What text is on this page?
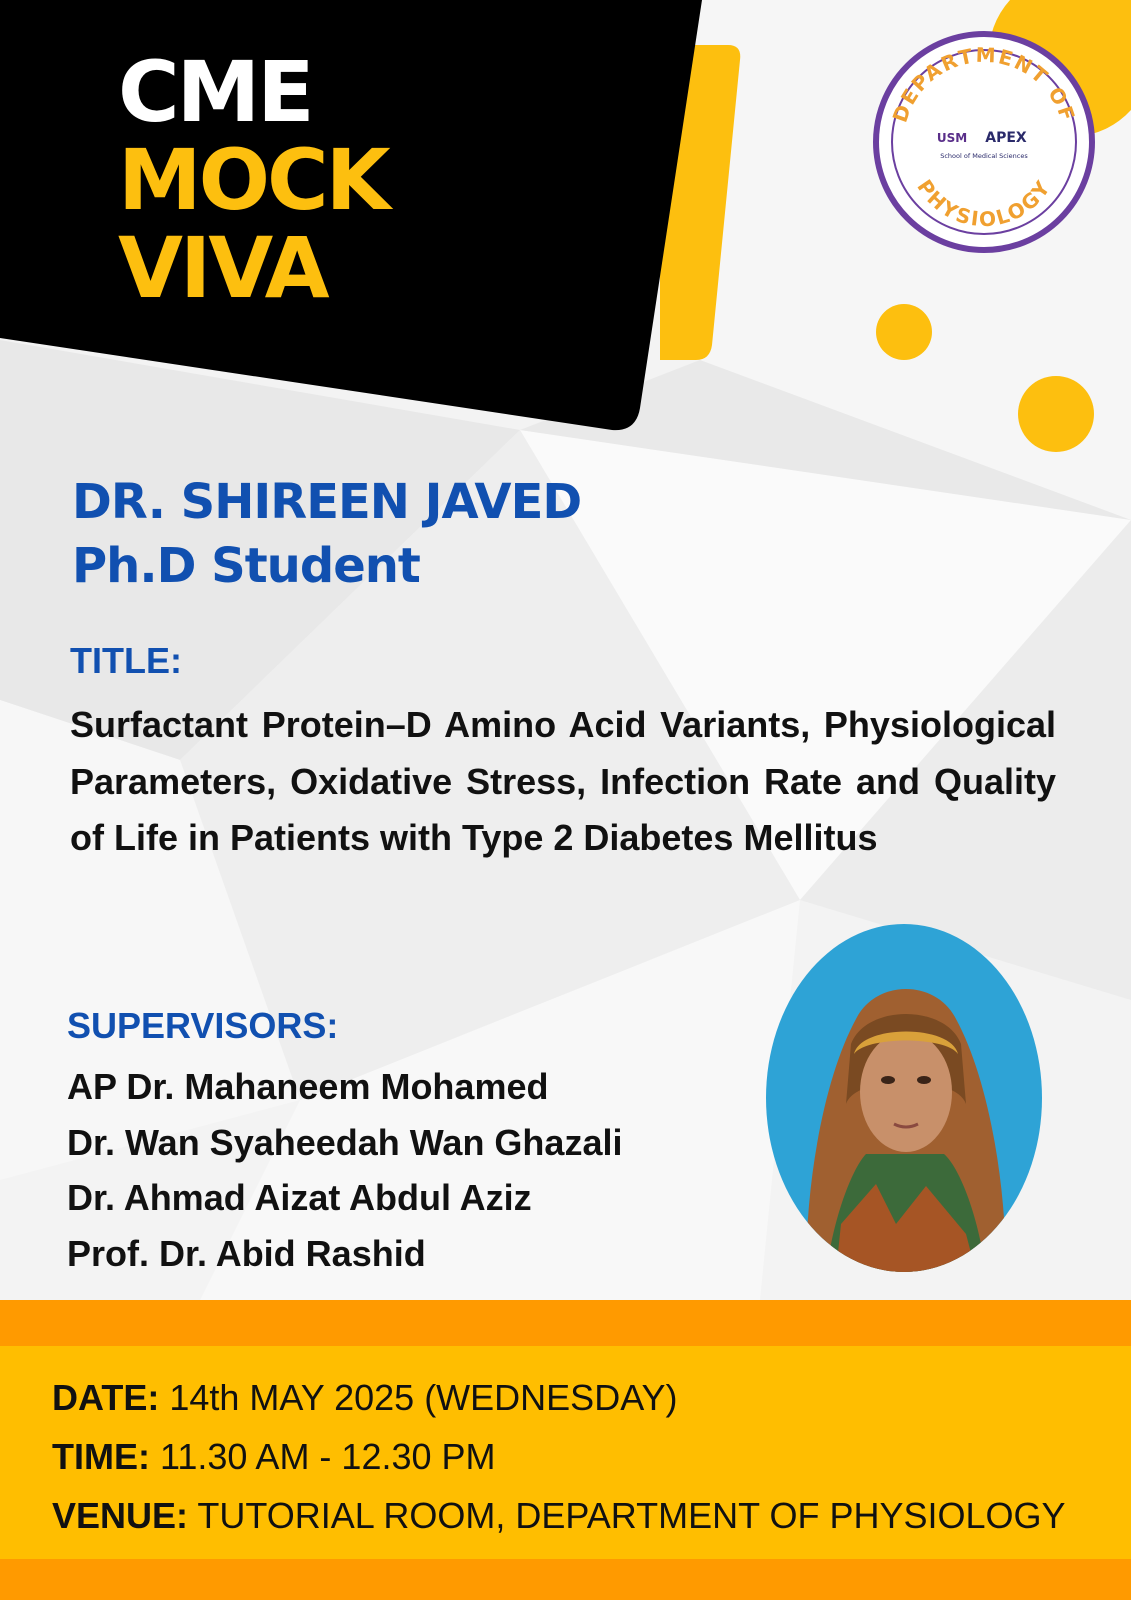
CME
MOCK
VIVA
DEPARTMENT OF
PHYSIOLOGY
USM APEX
School of Medical Sciences
DR. SHIREEN JAVED
Ph.D Student
TITLE:
Surfactant Protein–D Amino Acid Variants, Physiological Parameters, Oxidative Stress, Infection Rate and Quality of Life in Patients with Type 2 Diabetes Mellitus
SUPERVISORS:
AP Dr. Mahaneem Mohamed
Dr. Wan Syaheedah Wan Ghazali
Dr. Ahmad Aizat Abdul Aziz
Prof. Dr. Abid Rashid
DATE: 14th MAY 2025 (WEDNESDAY)
TIME: 11.30 AM - 12.30 PM
VENUE: TUTORIAL ROOM, DEPARTMENT OF PHYSIOLOGY
